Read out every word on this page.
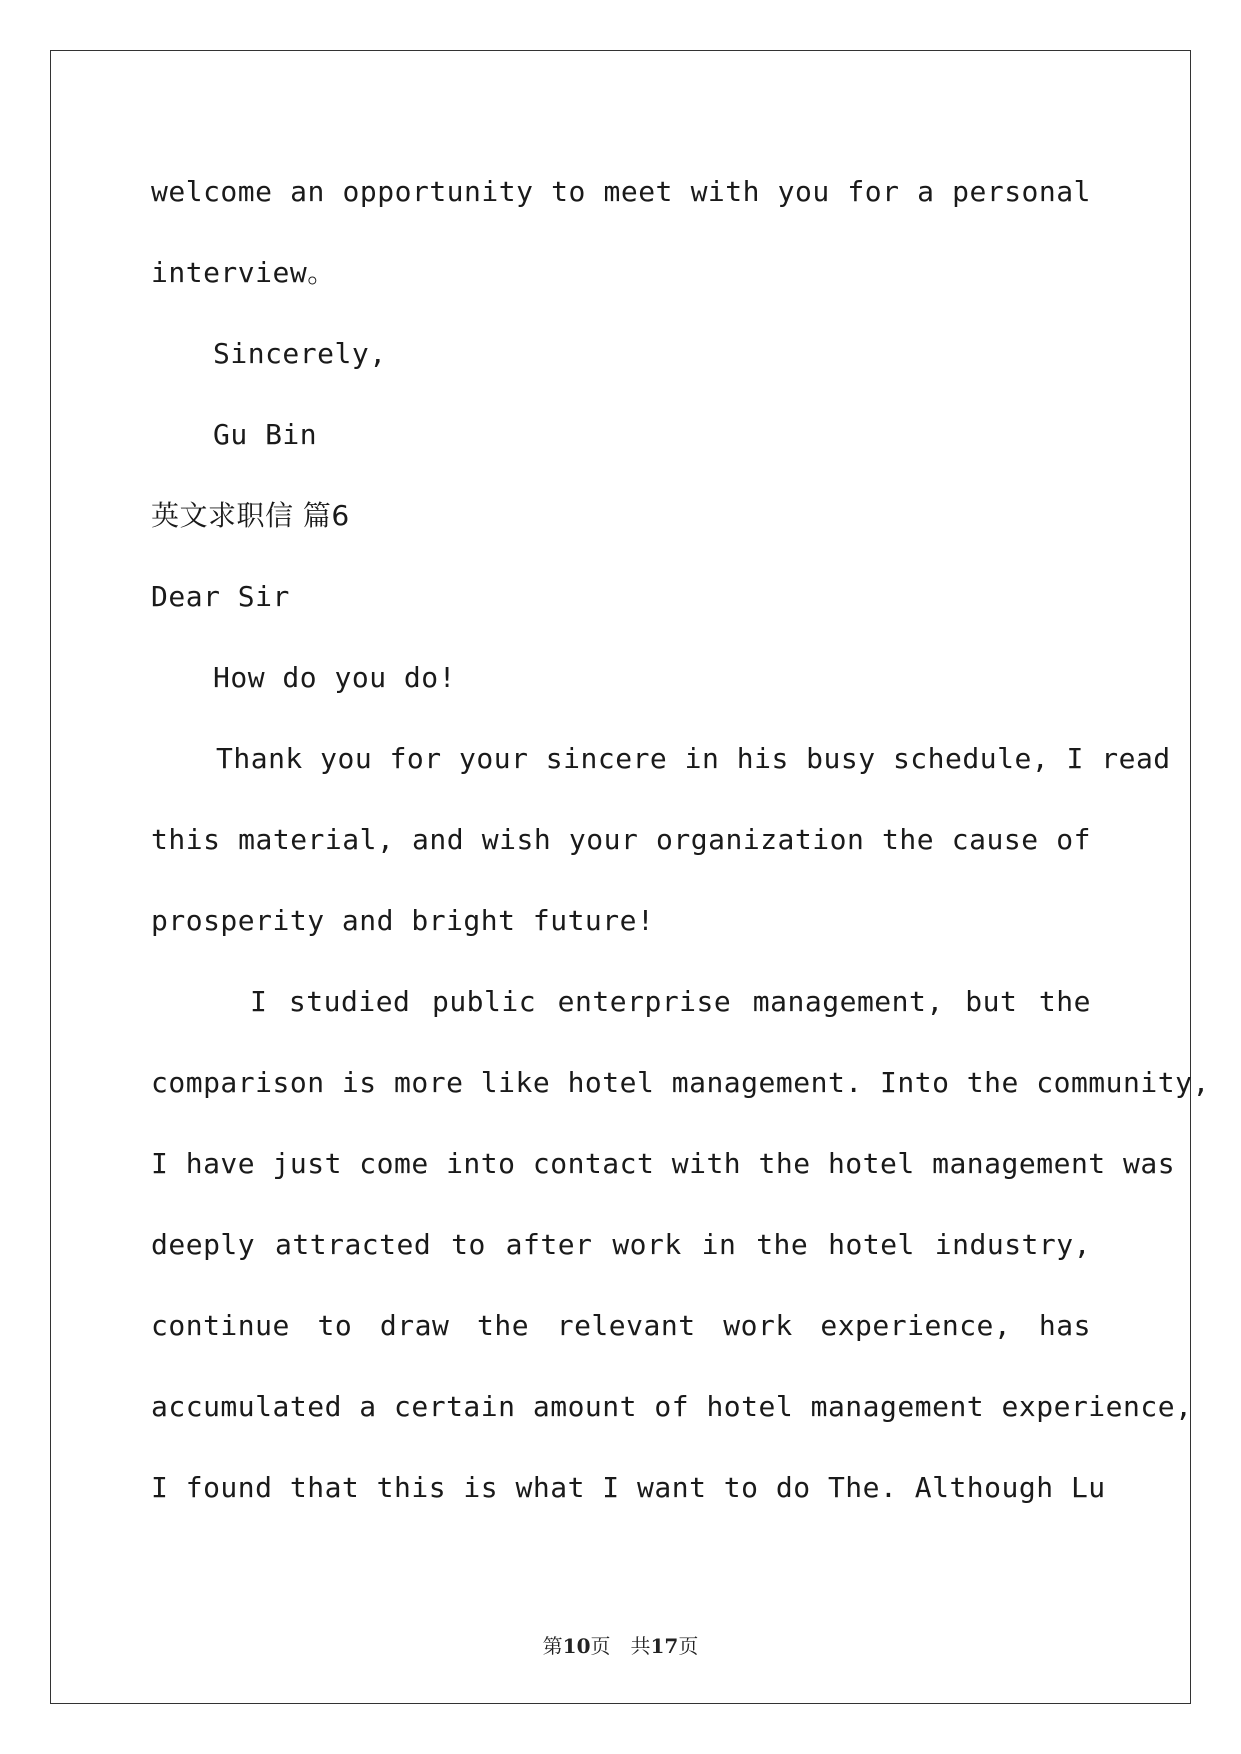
welcome an opportunity to meet with you for a personal
interview。
Sincerely,
Gu Bin
英文求职信 篇6
Dear Sir
How do you do!
Thank you for your sincere in his busy schedule, I read
this material, and wish your organization the cause of
prosperity and bright future!
I studied public enterprise management, but the
comparison is more like hotel management. Into the community,
I have just come into contact with the hotel management was
deeply attracted to after work in the hotel industry,
continue to draw the relevant work experience, has
accumulated a certain amount of hotel management experience,
I found that this is what I want to do The. Although Lu
第10页 共17页
